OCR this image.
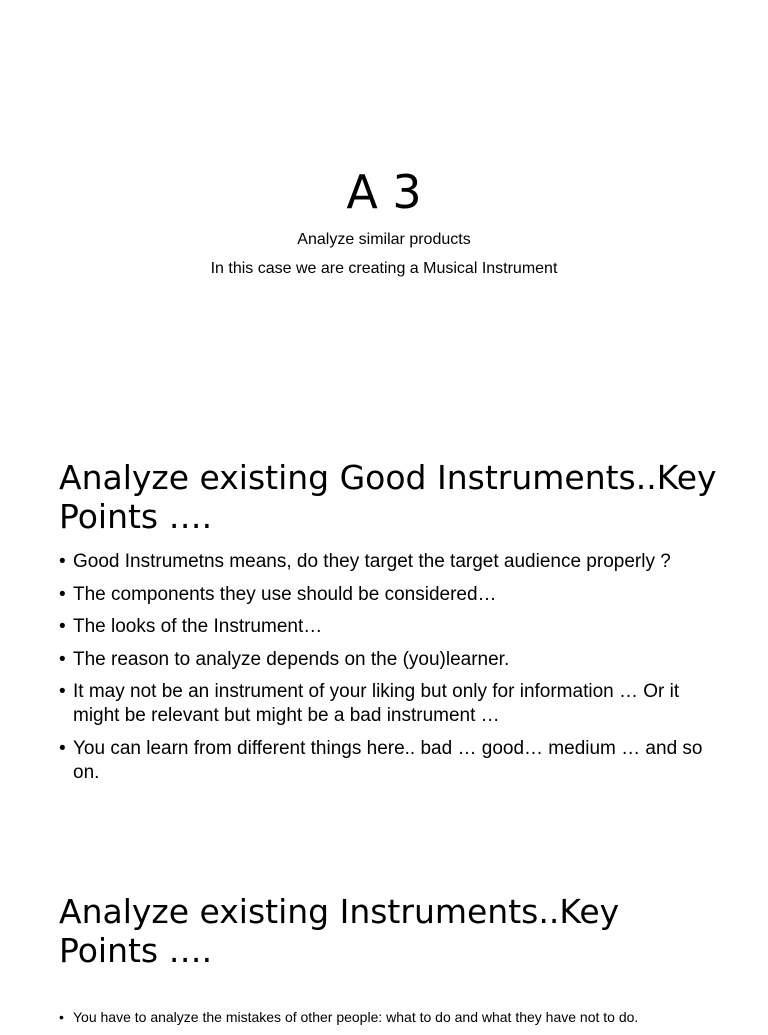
A 3

Analyze similar products

In this case we are creating a Musical Instrument

Analyze existing Good Instruments..Key Points ….
• Good Instrumetns means, do they target the target audience properly ?
• The components they use should be considered…
• The looks of the Instrument…
• The reason to analyze depends on the (you)learner.
• It may not be an instrument of your liking but only for information … Or it might be relevant but might be a bad instrument …
• You can learn from different things here.. bad … good… medium … and so on.
Analyze existing Instruments..Key Points ….
• You have to analyze the mistakes of other people: what to do and what they have not to do.
